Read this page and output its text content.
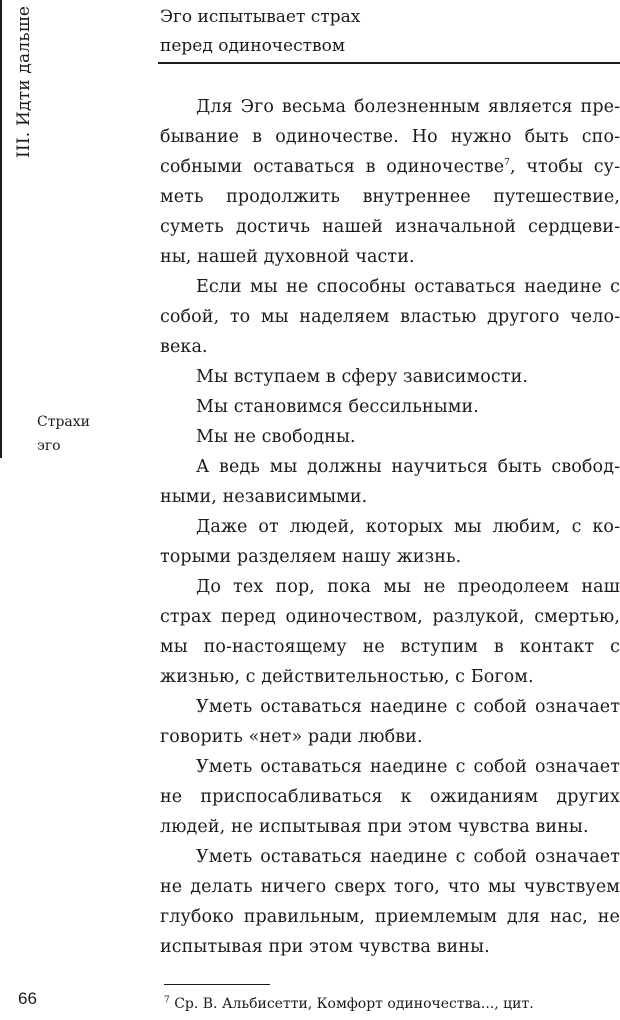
III. Идти дальше
Страхи
эго
Эго испытывает страх
перед одиночеством

Для Эго весьма болезненным является пребывание в одиночестве. Но нужно быть способными оставаться в одиночестве$^7$, чтобы суметь продолжить внутреннее путешествие, суметь достичь нашей изначальной сердцевины, нашей духовной части.

Если мы не способны оставаться наедине с собой, то мы наделяем властью другого человека.

Мы вступаем в сферу зависимости.

Мы становимся бессильными.

Мы не свободны.

А ведь мы должны научиться быть свободными, независимыми.

Даже от людей, которых мы любим, с которыми разделяем нашу жизнь.

До тех пор, пока мы не преодолеем наш страх перед одиночеством, разлукой, смертью, мы по-настоящему не вступим в контакт с жизнью, с действительностью, с Богом.

Уметь оставаться наедине с собой означает говорить «нет» ради любви.

Уметь оставаться наедине с собой означает не приспосабливаться к ожиданиям других людей, не испытывая при этом чувства вины.

Уметь оставаться наедине с собой означает не делать ничего сверх того, что мы чувствуем глубоко правильным, приемлемым для нас, не испытывая при этом чувства вины.

$^7$ Ср. В. Альбисетти, Комфорт одиночества..., цит.
66
